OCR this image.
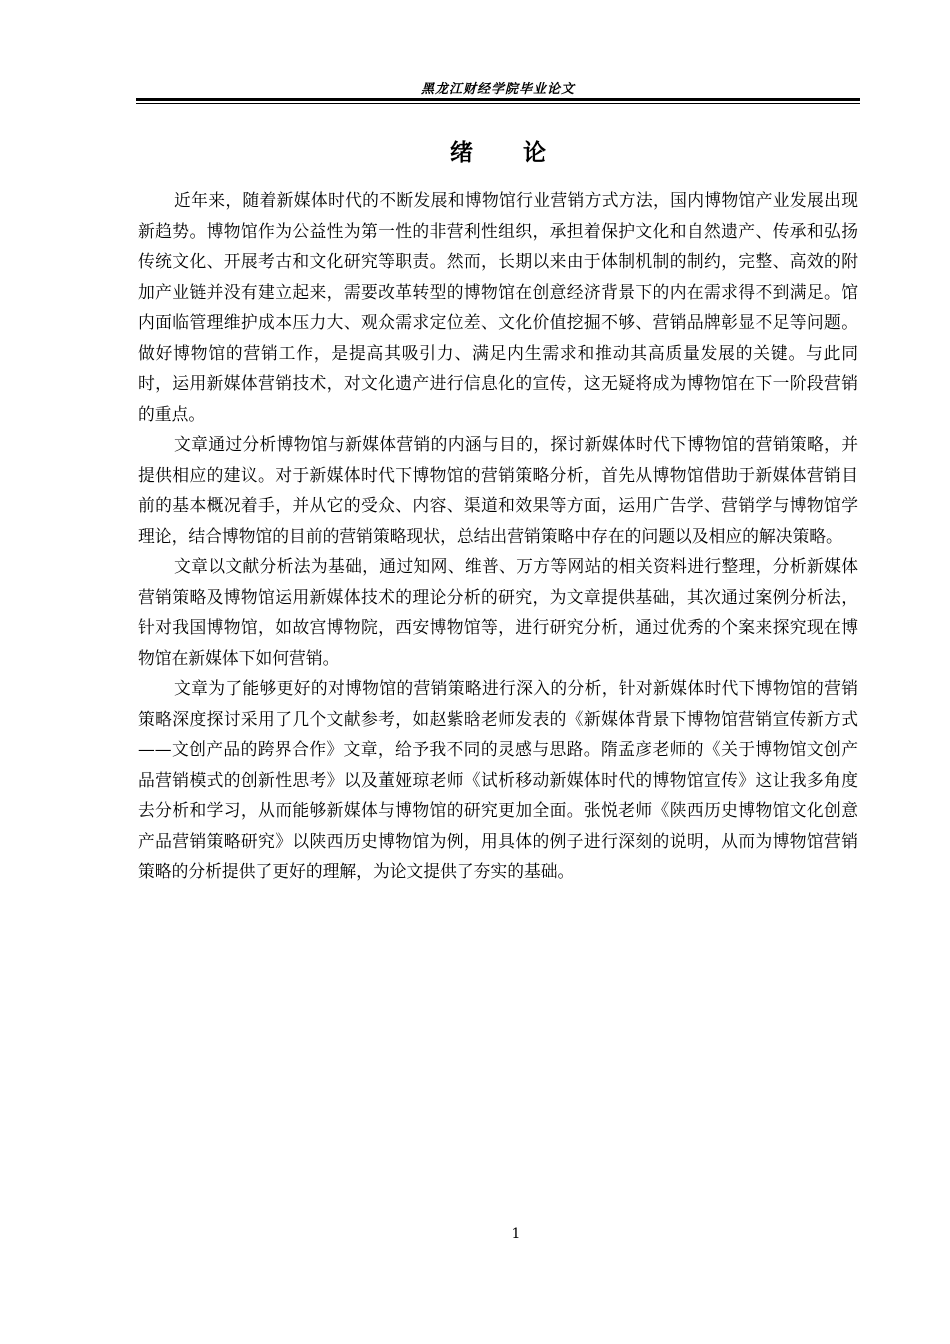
黑龙江财经学院毕业论文
绪论

近年来，随着新媒体时代的不断发展和博物馆行业营销方式方法，国内博物馆产业发展出现新趋势。博物馆作为公益性为第一性的非营利性组织，承担着保护文化和自然遗产、传承和弘扬传统文化、开展考古和文化研究等职责。然而，长期以来由于体制机制的制约，完整、高效的附加产业链并没有建立起来，需要改革转型的博物馆在创意经济背景下的内在需求得不到满足。馆内面临管理维护成本压力大、观众需求定位差、文化价值挖掘不够、营销品牌彰显不足等问题。做好博物馆的营销工作，是提高其吸引力、满足内生需求和推动其高质量发展的关键。与此同时，运用新媒体营销技术，对文化遗产进行信息化的宣传，这无疑将成为博物馆在下一阶段营销的重点。

文章通过分析博物馆与新媒体营销的内涵与目的，探讨新媒体时代下博物馆的营销策略，并提供相应的建议。对于新媒体时代下博物馆的营销策略分析，首先从博物馆借助于新媒体营销目前的基本概况着手，并从它的受众、内容、渠道和效果等方面，运用广告学、营销学与博物馆学理论，结合博物馆的目前的营销策略现状，总结出营销策略中存在的问题以及相应的解决策略。

文章以文献分析法为基础，通过知网、维普、万方等网站的相关资料进行整理，分析新媒体营销策略及博物馆运用新媒体技术的理论分析的研究，为文章提供基础，其次通过案例分析法，针对我国博物馆，如故宫博物院，西安博物馆等，进行研究分析，通过优秀的个案来探究现在博物馆在新媒体下如何营销。

文章为了能够更好的对博物馆的营销策略进行深入的分析，针对新媒体时代下博物馆的营销策略深度探讨采用了几个文献参考，如赵紫晗老师发表的《新媒体背景下博物馆营销宣传新方式——文创产品的跨界合作》文章，给予我不同的灵感与思路。隋孟彦老师的《关于博物馆文创产品营销模式的创新性思考》以及董娅琼老师《试析移动新媒体时代的博物馆宣传》这让我多角度去分析和学习，从而能够新媒体与博物馆的研究更加全面。张悦老师《陕西历史博物馆文化创意产品营销策略研究》以陕西历史博物馆为例，用具体的例子进行深刻的说明，从而为博物馆营销策略的分析提供了更好的理解，为论文提供了夯实的基础。

1
